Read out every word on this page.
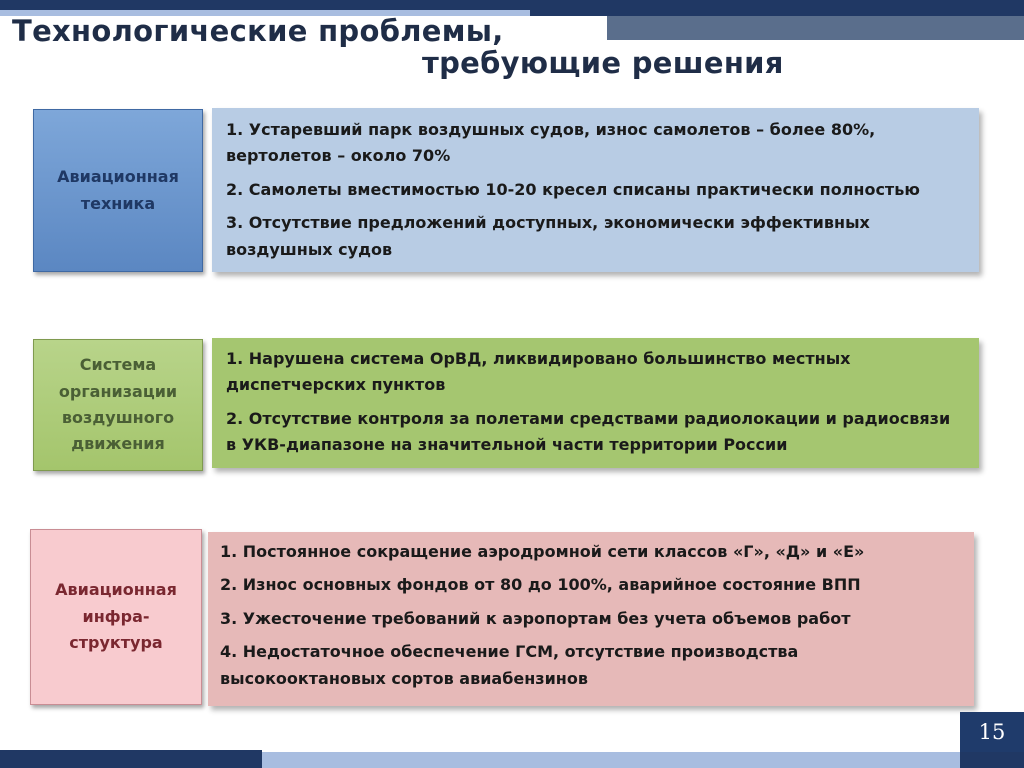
Технологические проблемы,
требующие решения
Авиационная техника
1. Устаревший парк воздушных судов, износ самолетов – более 80%, вертолетов – около 70%
2. Самолеты вместимостью 10-20 кресел списаны практически полностью
3. Отсутствие предложений доступных, экономически эффективных воздушных судов
Система организации воздушного движения
1. Нарушена система ОрВД, ликвидировано большинство местных диспетчерских пунктов
2. Отсутствие контроля за полетами средствами радиолокации и радиосвязи в УКВ-диапазоне на значительной части территории России
Авиационная инфра-структура
1. Постоянное сокращение аэродромной сети классов «Г», «Д» и «Е»
2. Износ основных фондов от 80 до 100%, аварийное состояние ВПП
3. Ужесточение требований к аэропортам без учета объемов работ
4. Недостаточное обеспечение ГСМ, отсутствие производства высокооктановых сортов авиабензинов
15
